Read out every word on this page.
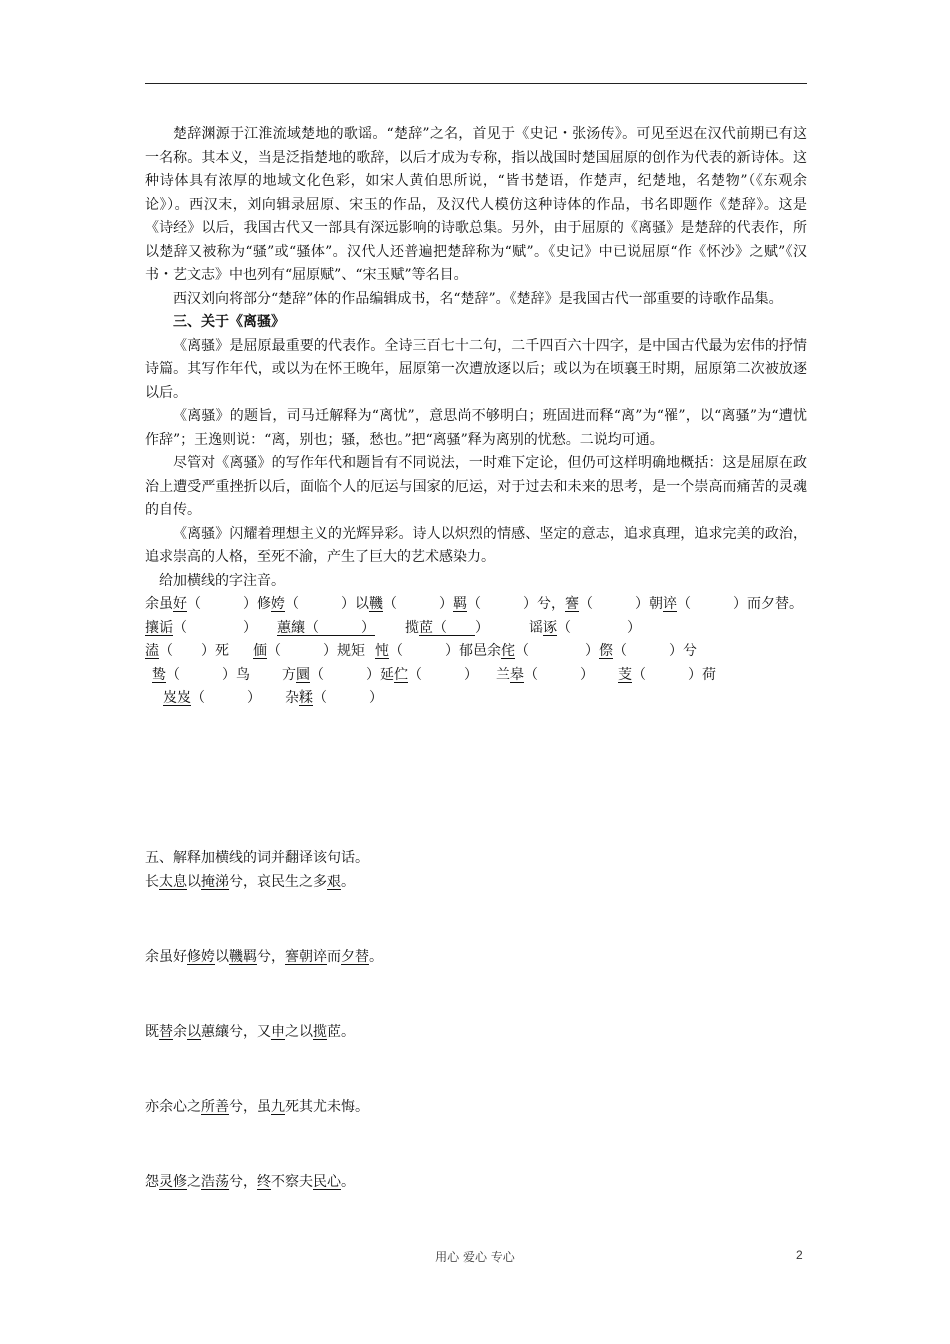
楚辞渊源于江淮流域楚地的歌谣。“楚辞”之名，首见于《史记・张汤传》。可见至迟在汉代前期已有这一名称。其本义，当是泛指楚地的歌辞，以后才成为专称，指以战国时楚国屈原的创作为代表的新诗体。这种诗体具有浓厚的地域文化色彩，如宋人黄伯思所说，“皆书楚语，作楚声，纪楚地，名楚物”（《东观余论》）。西汉末，刘向辑录屈原、宋玉的作品，及汉代人模仿这种诗体的作品，书名即题作《楚辞》。这是《诗经》以后，我国古代又一部具有深远影响的诗歌总集。另外，由于屈原的《离骚》是楚辞的代表作，所以楚辞又被称为“骚”或“骚体”。汉代人还普遍把楚辞称为“赋”。《史记》中已说屈原“作《怀沙》之赋”《汉书・艺文志》中也列有“屈原赋”、“宋玉赋”等名目。

西汉刘向将部分“楚辞”体的作品编辑成书，名“楚辞”。《楚辞》是我国古代一部重要的诗歌作品集。

三、关于《离骚》

《离骚》是屈原最重要的代表作。全诗三百七十二句，二千四百六十四字，是中国古代最为宏伟的抒情诗篇。其写作年代，或以为在怀王晚年，屈原第一次遭放逐以后；或以为在顷襄王时期，屈原第二次被放逐以后。

《离骚》的题旨，司马迁解释为“离忧”，意思尚不够明白；班固进而释“离”为“罹”，以“离骚”为“遭忧作辞”；王逸则说：“离，别也；骚，愁也。”把“离骚”释为离别的忧愁。二说均可通。

尽管对《离骚》的写作年代和题旨有不同说法，一时难下定论，但仍可这样明确地概括：这是屈原在政治上遭受严重挫折以后，面临个人的厄运与国家的厄运，对于过去和未来的思考，是一个崇高而痛苦的灵魂的自传。

《离骚》闪耀着理想主义的光辉异彩。诗人以炽烈的情感、坚定的意志，追求真理，追求完美的政治，追求崇高的人格，至死不渝，产生了巨大的艺术感染力。

给加横线的字注音。

余虽好（　　　）修姱（　　　）以鞿（　　　）羁（　　　）兮，謇（　　　）朝谇（　　　）而夕替。

攘诟（　　　　） 蕙纕（　　　） 揽茝（　　）	谣诼（　　　　）

溘（　　）死 偭（　　　）规矩 忳（　　　）郁邑余侘（　　　　）傺（　　　）兮

鸷（　　　）鸟 方圜（　　　）延伫（　　　） 兰皋（　　　） 芰（　　　）荷

岌岌（　　　） 杂糅（　　　）

五、解释加横线的词并翻译该句话。
长太息以掩涕兮，哀民生之多艰。
余虽好修姱以鞿羁兮，謇朝谇而夕替。
既替余以蕙纕兮，又申之以揽茝。
亦余心之所善兮，虽九死其尤未悔。
怨灵修之浩荡兮，终不察夫民心。
用心 爱心 专心	2
